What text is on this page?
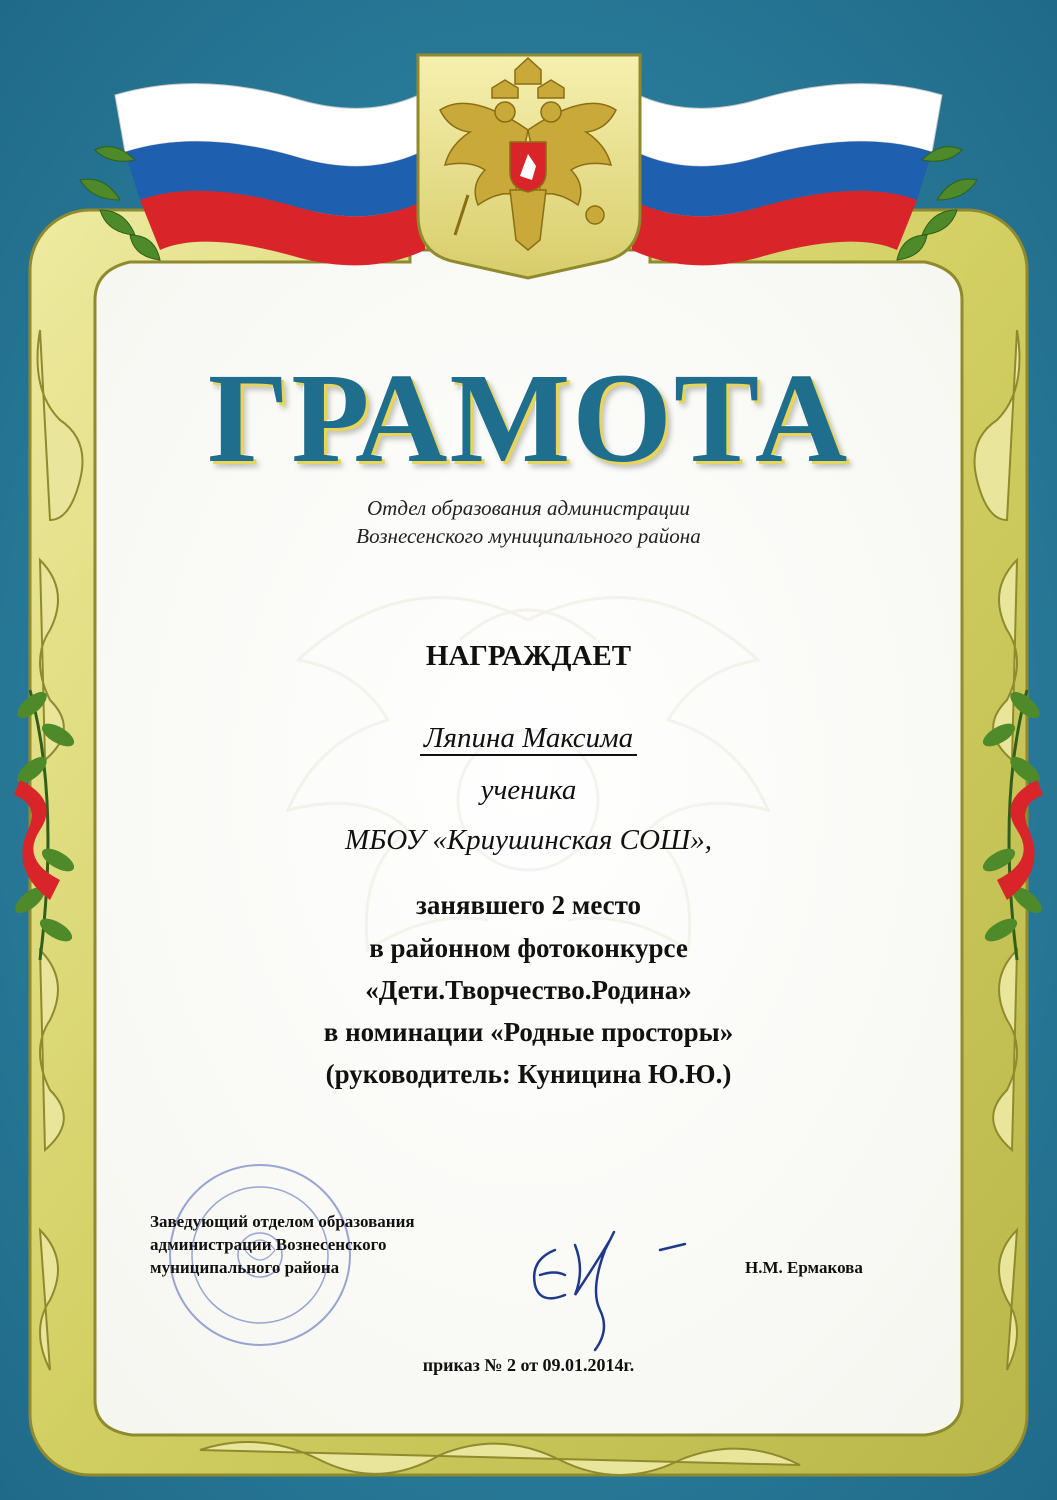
ГРАМОТА
Отдел образования администрации
Вознесенского муниципального района
НАГРАЖДАЕТ
Ляпина Максима
ученика
МБОУ «Криушинская СОШ»,
занявшего 2 место
в районном фотоконкурсе
«Дети.Творчество.Родина»
в номинации «Родные просторы»
(руководитель: Куницина Ю.Ю.)
Заведующий отделом образования
администрации Вознесенского
муниципального района	Н.М. Ермакова
приказ № 2 от 09.01.2014г.
